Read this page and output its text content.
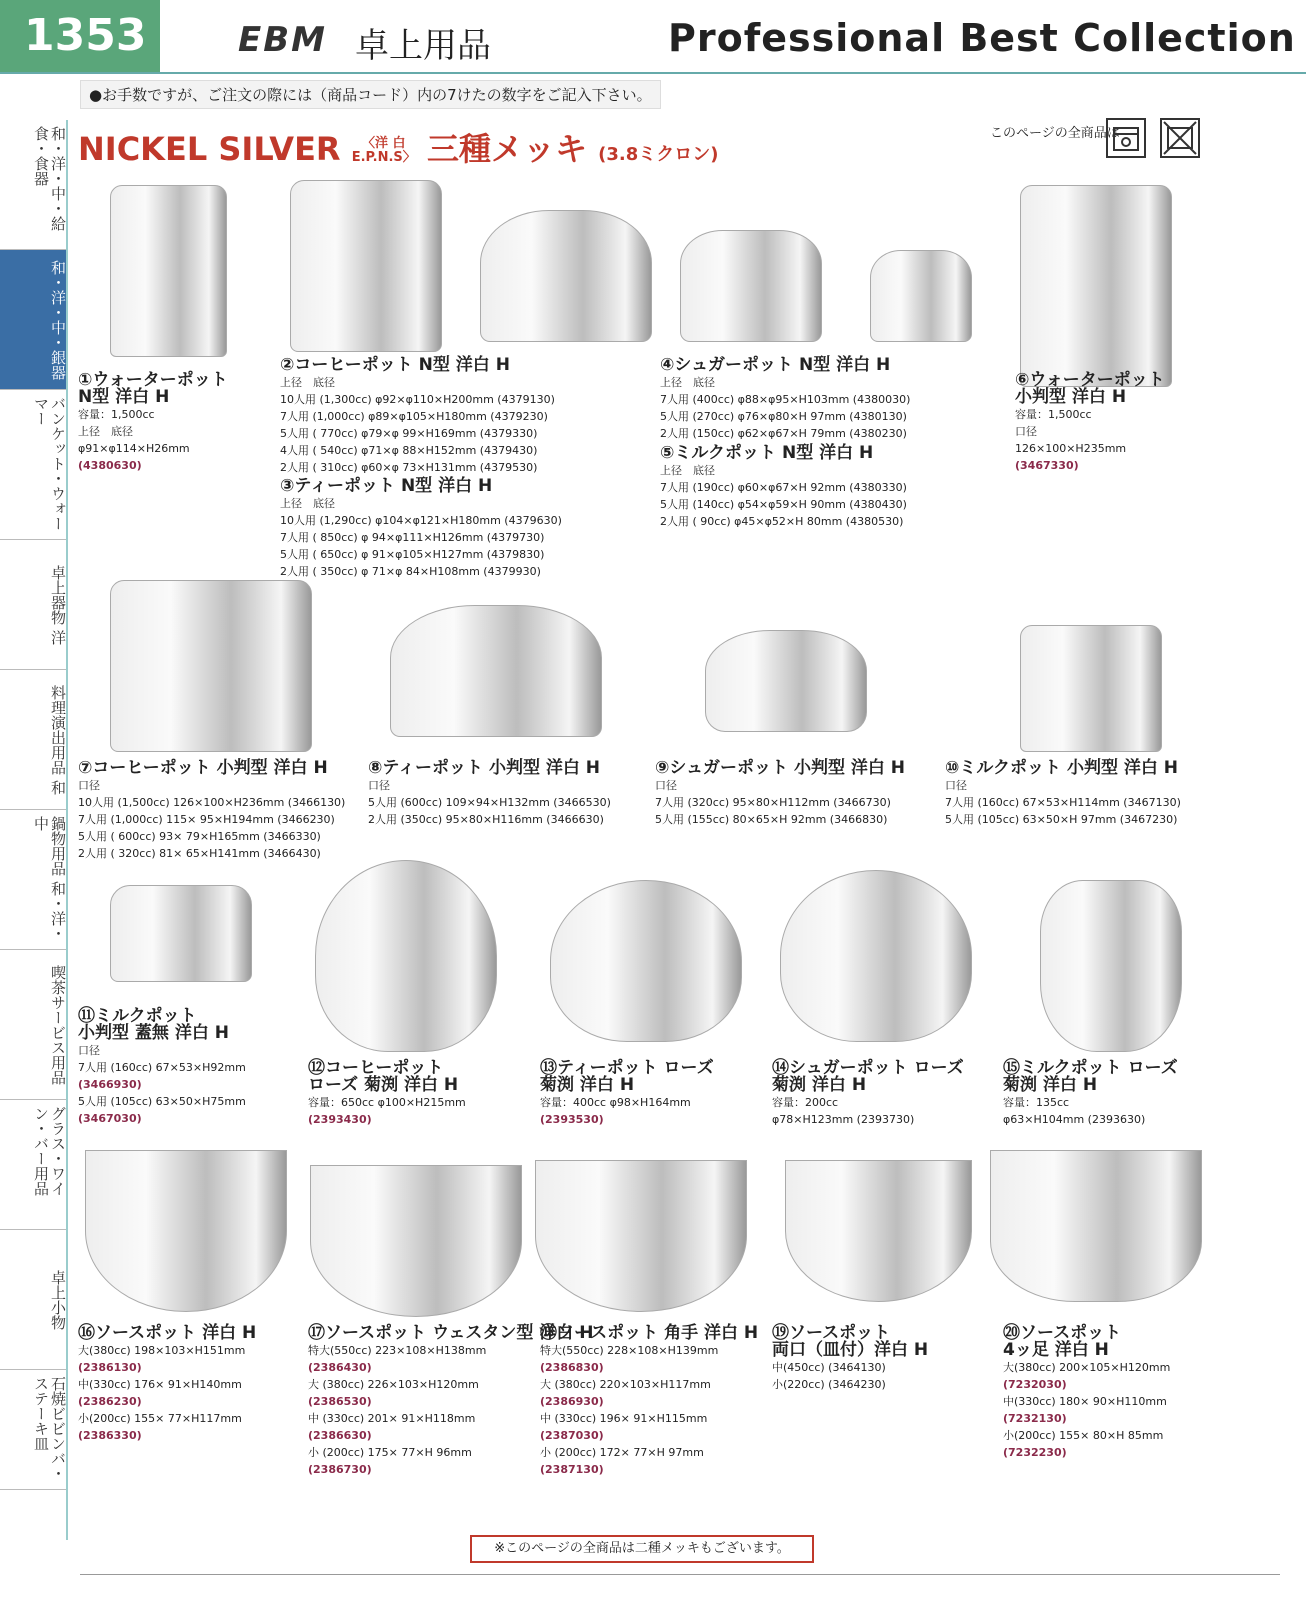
1353	EBM 卓上用品	Professional Best Collection
●お手数ですが、ご注文の際には（商品コード）内の7けたの数字をご記入下さい。
和・洋・中・給食・食器
和・洋・中・銀器
バンケット・ウォーマー
卓上器物 洋
料理演出用品 和
鍋物用品 和・洋・中
喫茶サービス用品
グラス・ワイン・バー用品
卓上小物
石焼ビビンバ・ステーキ皿
NICKEL SILVER 〈洋 白
E.P.N.S〉 三種メッキ (3.8ミクロン)
このページの全商品は
①ウォーターポット
N型 洋白 H
容量：1,500cc
上径　底径
φ91×φ114×H26mm
(4380630)
②コーヒーポット N型 洋白 H
上径　底径
10人用 (1,300cc) φ92×φ110×H200mm (4379130)
7人用 (1,000cc) φ89×φ105×H180mm (4379230)
5人用 ( 770cc) φ79×φ 99×H169mm (4379330)
4人用 ( 540cc) φ71×φ 88×H152mm (4379430)
2人用 ( 310cc) φ60×φ 73×H131mm (4379530)
③ティーポット N型 洋白 H
上径　底径
10人用 (1,290cc) φ104×φ121×H180mm (4379630)
7人用 ( 850cc) φ 94×φ111×H126mm (4379730)
5人用 ( 650cc) φ 91×φ105×H127mm (4379830)
2人用 ( 350cc) φ 71×φ 84×H108mm (4379930)
④シュガーポット N型 洋白 H
上径　底径
7人用 (400cc) φ88×φ95×H103mm (4380030)
5人用 (270cc) φ76×φ80×H 97mm (4380130)
2人用 (150cc) φ62×φ67×H 79mm (4380230)
⑤ミルクポット N型 洋白 H
上径　底径
7人用 (190cc) φ60×φ67×H 92mm (4380330)
5人用 (140cc) φ54×φ59×H 90mm (4380430)
2人用 ( 90cc) φ45×φ52×H 80mm (4380530)
⑥ウォーターポット
小判型 洋白 H
容量：1,500cc
口径
126×100×H235mm
(3467330)
⑦コーヒーポット 小判型 洋白 H
口径
10人用 (1,500cc) 126×100×H236mm (3466130)
7人用 (1,000cc) 115× 95×H194mm (3466230)
5人用 ( 600cc) 93× 79×H165mm (3466330)
2人用 ( 320cc) 81× 65×H141mm (3466430)
⑧ティーポット 小判型 洋白 H
口径
5人用 (600cc) 109×94×H132mm (3466530)
2人用 (350cc) 95×80×H116mm (3466630)
⑨シュガーポット 小判型 洋白 H
口径
7人用 (320cc) 95×80×H112mm (3466730)
5人用 (155cc) 80×65×H 92mm (3466830)
⑩ミルクポット 小判型 洋白 H
口径
7人用 (160cc) 67×53×H114mm (3467130)
5人用 (105cc) 63×50×H 97mm (3467230)
⑪ミルクポット
小判型 蓋無 洋白 H
口径
7人用 (160cc) 67×53×H92mm
(3466930)
5人用 (105cc) 63×50×H75mm
(3467030)
⑫コーヒーポット
ローズ 菊渕 洋白 H
容量：650cc φ100×H215mm
(2393430)
⑬ティーポット ローズ
菊渕 洋白 H
容量：400cc φ98×H164mm
(2393530)
⑭シュガーポット ローズ
菊渕 洋白 H
容量：200cc
φ78×H123mm (2393730)
⑮ミルクポット ローズ
菊渕 洋白 H
容量：135cc
φ63×H104mm (2393630)
⑯ソースポット 洋白 H
大(380cc) 198×103×H151mm
(2386130)
中(330cc) 176× 91×H140mm
(2386230)
小(200cc) 155× 77×H117mm
(2386330)
⑰ソースポット ウェスタン型 洋白 H
特大(550cc) 223×108×H138mm
(2386430)
大 (380cc) 226×103×H120mm
(2386530)
中 (330cc) 201× 91×H118mm
(2386630)
小 (200cc) 175× 77×H 96mm
(2386730)
⑱ソースポット 角手 洋白 H
特大(550cc) 228×108×H139mm
(2386830)
大 (380cc) 220×103×H117mm
(2386930)
中 (330cc) 196× 91×H115mm
(2387030)
小 (200cc) 172× 77×H 97mm
(2387130)
⑲ソースポット
両口（皿付）洋白 H
中(450cc) (3464130)
小(220cc) (3464230)
⑳ソースポット
4ッ足 洋白 H
大(380cc) 200×105×H120mm
(7232030)
中(330cc) 180× 90×H110mm
(7232130)
小(200cc) 155× 80×H 85mm
(7232230)
※このページの全商品は二種メッキもございます。
